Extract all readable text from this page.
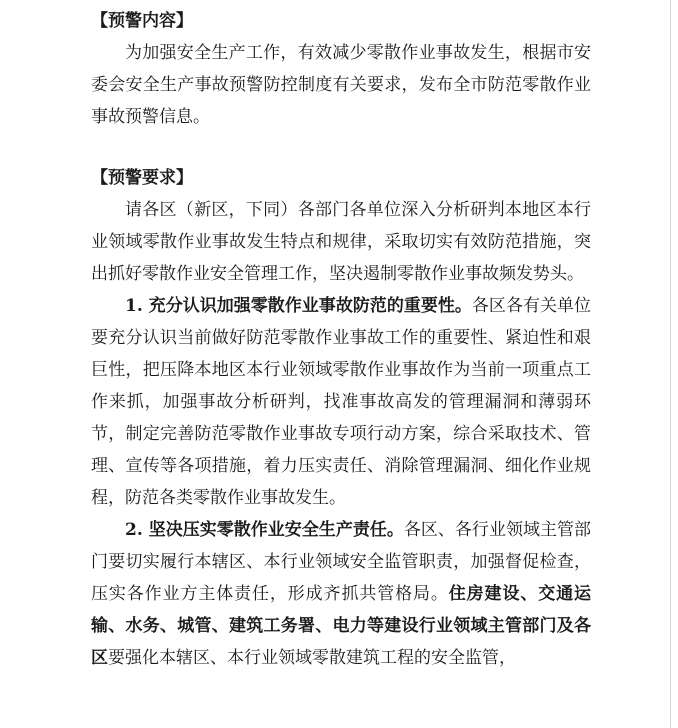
【预警内容】

为加强安全生产工作，有效减少零散作业事故发生，根据市安委会安全生产事故预警防控制度有关要求，发布全市防范零散作业事故预警信息。

【预警要求】

请各区（新区，下同）各部门各单位深入分析研判本地区本行业领域零散作业事故发生特点和规律，采取切实有效防范措施，突出抓好零散作业安全管理工作，坚决遏制零散作业事故频发势头。

1. 充分认识加强零散作业事故防范的重要性。各区各有关单位要充分认识当前做好防范零散作业事故工作的重要性、紧迫性和艰巨性，把压降本地区本行业领域零散作业事故作为当前一项重点工作来抓，加强事故分析研判，找准事故高发的管理漏洞和薄弱环节，制定完善防范零散作业事故专项行动方案，综合采取技术、管理、宣传等各项措施，着力压实责任、消除管理漏洞、细化作业规程，防范各类零散作业事故发生。

2. 坚决压实零散作业安全生产责任。各区、各行业领域主管部门要切实履行本辖区、本行业领域安全监管职责，加强督促检查，压实各作业方主体责任，形成齐抓共管格局。住房建设、交通运输、水务、城管、建筑工务署、电力等建设行业领域主管部门及各区要强化本辖区、本行业领域零散建筑工程的安全监管，
